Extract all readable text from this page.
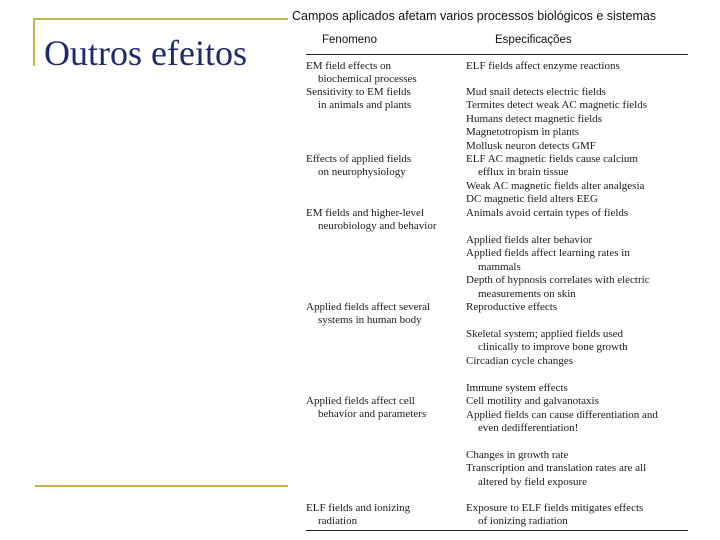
Outros efeitos
Campos aplicados afetam varios processos biológicos e sistemas
Fenomeno	Especificações
EM field effects on
biochemical processes
Sensitivity to EM fields
in animals and plants
Effects of applied fields
on neurophysiology
EM fields and higher-level
neurobiology and behavior
Applied fields affect several
systems in human body
Applied fields affect cell
behavior and parameters
ELF fields and ionizing
radiation
ELF fields affect enzyme reactions
Mud snail detects electric fields
Termites detect weak AC magnetic fields
Humans detect magnetic fields
Magnetotropism in plants
Mollusk neuron detects GMF
ELF AC magnetic fields cause calcium
efflux in brain tissue
Weak AC magnetic fields alter analgesia
DC magnetic field alters EEG
Animals avoid certain types of fields
Applied fields alter behavior
Applied fields affect learning rates in
mammals
Depth of hypnosis correlates with electric
measurements on skin
Reproductive effects
Skeletal system; applied fields used
clinically to improve bone growth
Circadian cycle changes
Immune system effects
Cell motility and galvanotaxis
Applied fields can cause differentiation and
even dedifferentiation!
Changes in growth rate
Transcription and translation rates are all
altered by field exposure
Exposure to ELF fields mitigates effects
of ionizing radiation
